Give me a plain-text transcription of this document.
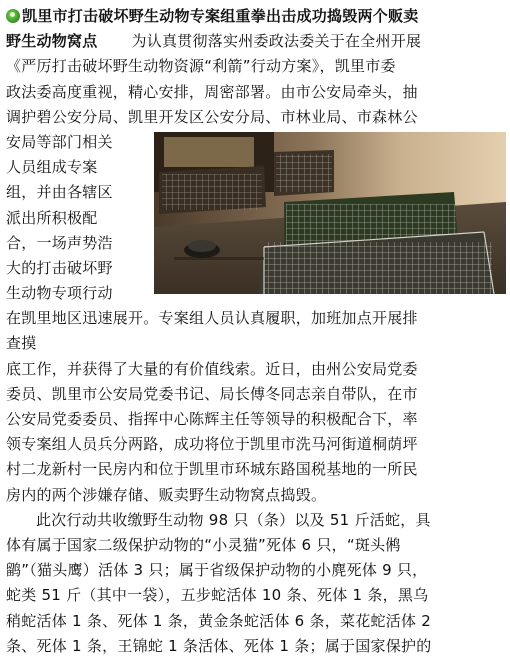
凯里市打击破坏野生动物专案组重拳出击成功捣毁两个贩卖
野生动物窝点 为认真贯彻落实州委政法委关于在全州开展
《严厉打击破坏野生动物资源“利箭”行动方案》，凯里市委
政法委高度重视，精心安排，周密部署。由市公安局牵头，抽
调护碧公安分局、凯里开发区公安分局、市林业局、市森林公
安局等部门相关
人员组成专案
组，并由各辖区
派出所积极配
合，一场声势浩
大的打击破坏野
生动物专项行动
在凯里地区迅速展开。专案组人员认真履职，加班加点开展排
查摸
底工作，并获得了大量的有价值线索。近日，由州公安局党委
委员、凯里市公安局党委书记、局长傅冬同志亲自带队，在市
公安局党委委员、指挥中心陈辉主任等领导的积极配合下，率
领专案组人员兵分两路，成功将位于凯里市洗马河街道桐荫坪
村二龙新村一民房内和位于凯里市环城东路国税基地的一所民
房内的两个涉嫌存储、贩卖野生动物窝点捣毁。
此次行动共收缴野生动物 98 只（条）以及 51 斤活蛇，具
体有属于国家二级保护动物的“小灵猫”死体 6 只，“斑头鸺
鹠”（猫头鹰）活体 3 只；属于省级保护动物的小麂死体 9 只，
蛇类 51 斤（其中一袋），五步蛇活体 10 条、死体 1 条，黑乌
稍蛇活体 1 条、死体 1 条，黄金条蛇活体 6 条，菜花蛇活体 2
条、死体 1 条，王锦蛇 1 条活体、死体 1 条；属于国家保护的
